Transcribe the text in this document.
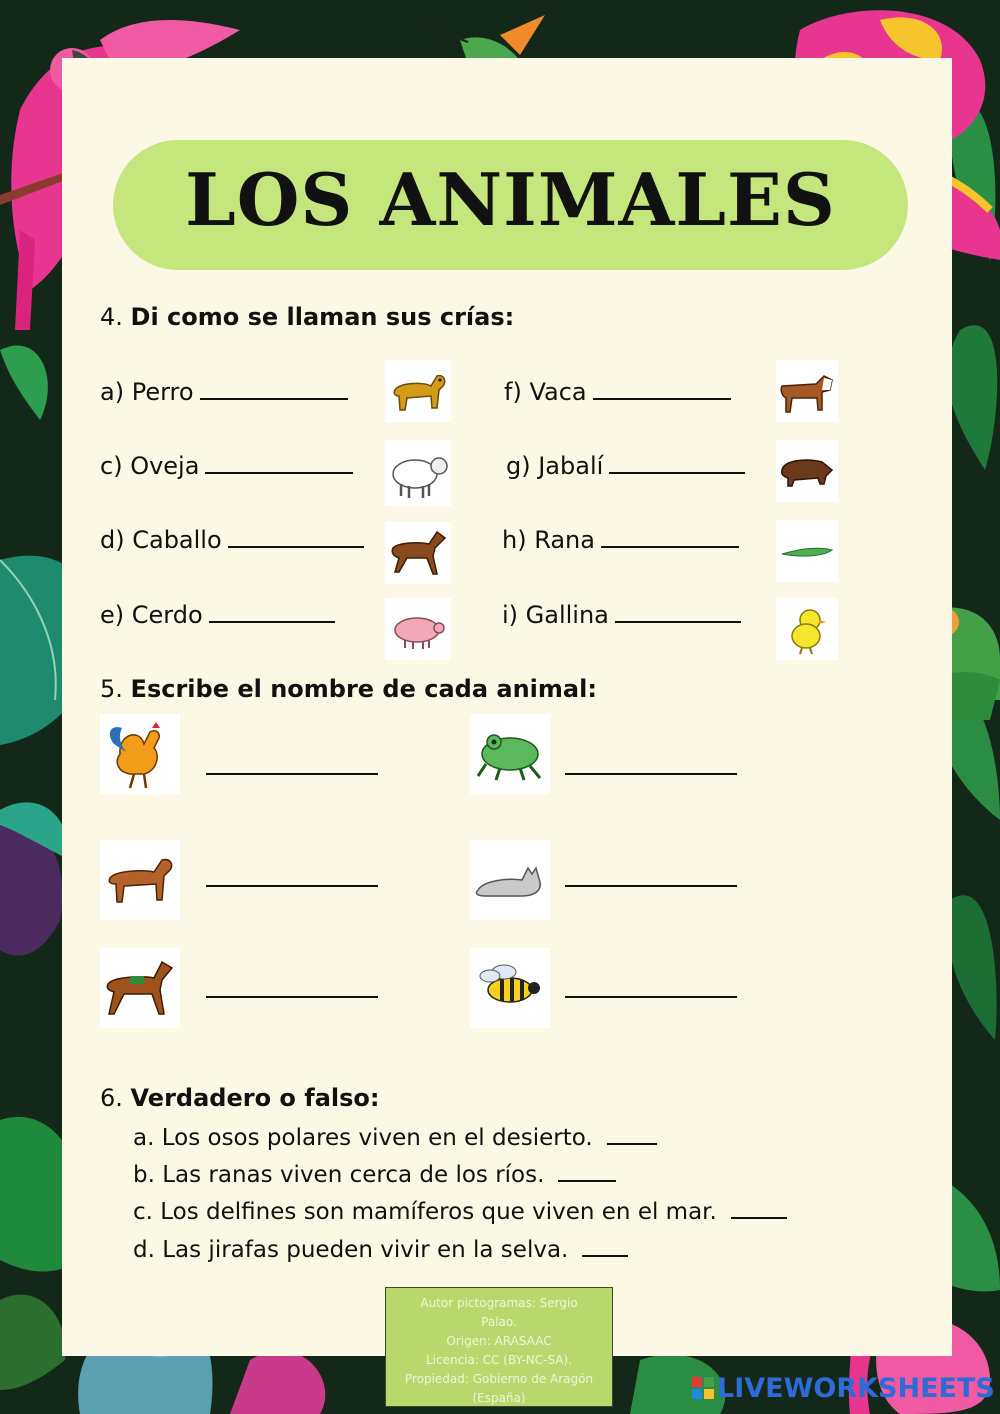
LOS ANIMALES
4. Di como se llaman sus crías:
a) Perro	f) Vaca
c) Oveja	g) Jabalí
d) Caballo	h) Rana
e) Cerdo	i) Gallina
5. Escribe el nombre de cada animal:
6. Verdadero o falso:
a. Los osos polares viven en el desierto.
b. Las ranas viven cerca de los ríos.
c. Los delfines son mamíferos que viven en el mar.
d. Las jirafas pueden vivir en la selva.
Autor pictogramas: Sergio
Palao.
Origen: ARASAAC
Licencia: CC (BY-NC-SA).
Propiedad: Gobierno de Aragón
(España)	LIVEWORKSHEETS
